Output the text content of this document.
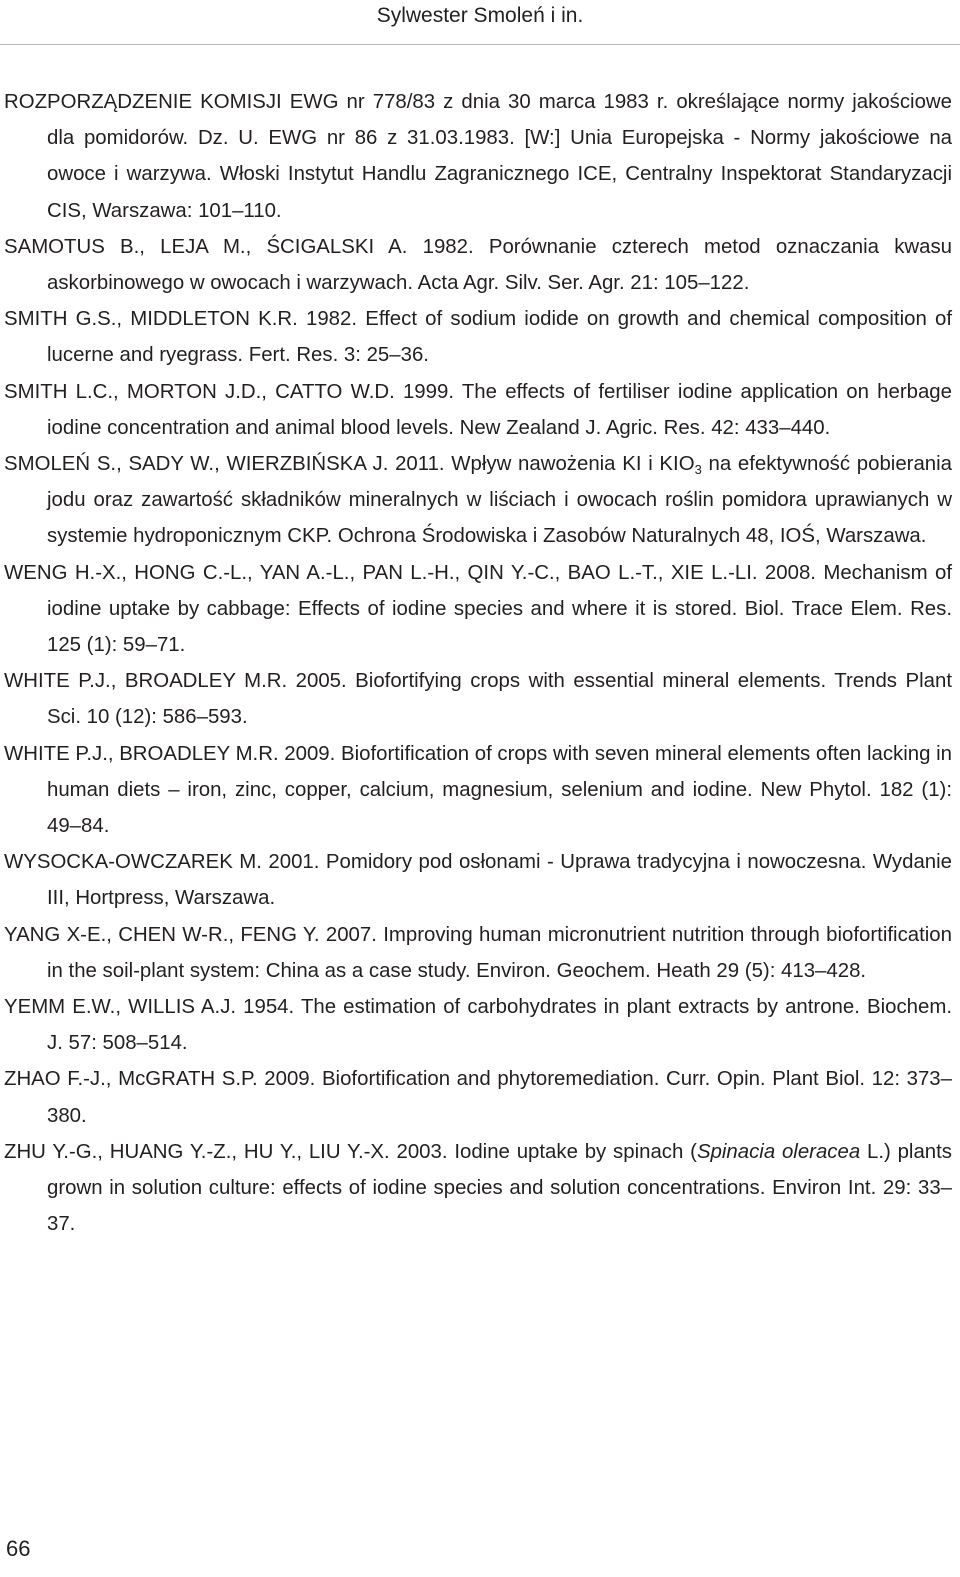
Sylwester Smoleń i in.

ROZPORZĄDZENIE KOMISJI EWG nr 778/83 z dnia 30 marca 1983 r. określające normy jakościowe dla pomidorów. Dz. U. EWG nr 86 z 31.03.1983. [W:] Unia Europejska - Normy jakościowe na owoce i warzywa. Włoski Instytut Handlu Zagranicznego ICE, Centralny Inspektorat Standaryzacji CIS, Warszawa: 101–110.

SAMOTUS B., LEJA M., ŚCIGALSKI A. 1982. Porównanie czterech metod oznaczania kwasu askorbinowego w owocach i warzywach. Acta Agr. Silv. Ser. Agr. 21: 105–122.

SMITH G.S., MIDDLETON K.R. 1982. Effect of sodium iodide on growth and chemical composition of lucerne and ryegrass. Fert. Res. 3: 25–36.

SMITH L.C., MORTON J.D., CATTO W.D. 1999. The effects of fertiliser iodine application on herbage iodine concentration and animal blood levels. New Zealand J. Agric. Res. 42: 433–440.

SMOLEŃ S., SADY W., WIERZBIŃSKA J. 2011. Wpływ nawożenia KI i $KIO_3$ na efektywność pobierania jodu oraz zawartość składników mineralnych w liściach i owocach roślin pomidora uprawianych w systemie hydroponicznym CKP. Ochrona Środowiska i Zasobów Naturalnych 48, IOŚ, Warszawa.

WENG H.-X., HONG C.-L., YAN A.-L., PAN L.-H., QIN Y.-C., BAO L.-T., XIE L.-LI. 2008. Mechanism of iodine uptake by cabbage: Effects of iodine species and where it is stored. Biol. Trace Elem. Res. 125 (1): 59–71.

WHITE P.J., BROADLEY M.R. 2005. Biofortifying crops with essential mineral elements. Trends Plant Sci. 10 (12): 586–593.

WHITE P.J., BROADLEY M.R. 2009. Biofortification of crops with seven mineral elements often lacking in human diets – iron, zinc, copper, calcium, magnesium, selenium and iodine. New Phytol. 182 (1): 49–84.

WYSOCKA-OWCZAREK M. 2001. Pomidory pod osłonami - Uprawa tradycyjna i nowoczesna. Wydanie III, Hortpress, Warszawa.

YANG X-E., CHEN W-R., FENG Y. 2007. Improving human micronutrient nutrition through biofortification in the soil-plant system: China as a case study. Environ. Geochem. Heath 29 (5): 413–428.

YEMM E.W., WILLIS A.J. 1954. The estimation of carbohydrates in plant extracts by antrone. Biochem. J. 57: 508–514.

ZHAO F.-J., McGRATH S.P. 2009. Biofortification and phytoremediation. Curr. Opin. Plant Biol. 12: 373–380.

ZHU Y.-G., HUANG Y.-Z., HU Y., LIU Y.-X. 2003. Iodine uptake by spinach (Spinacia oleracea L.) plants grown in solution culture: effects of iodine species and solution concentrations. Environ Int. 29: 33–37.

66
